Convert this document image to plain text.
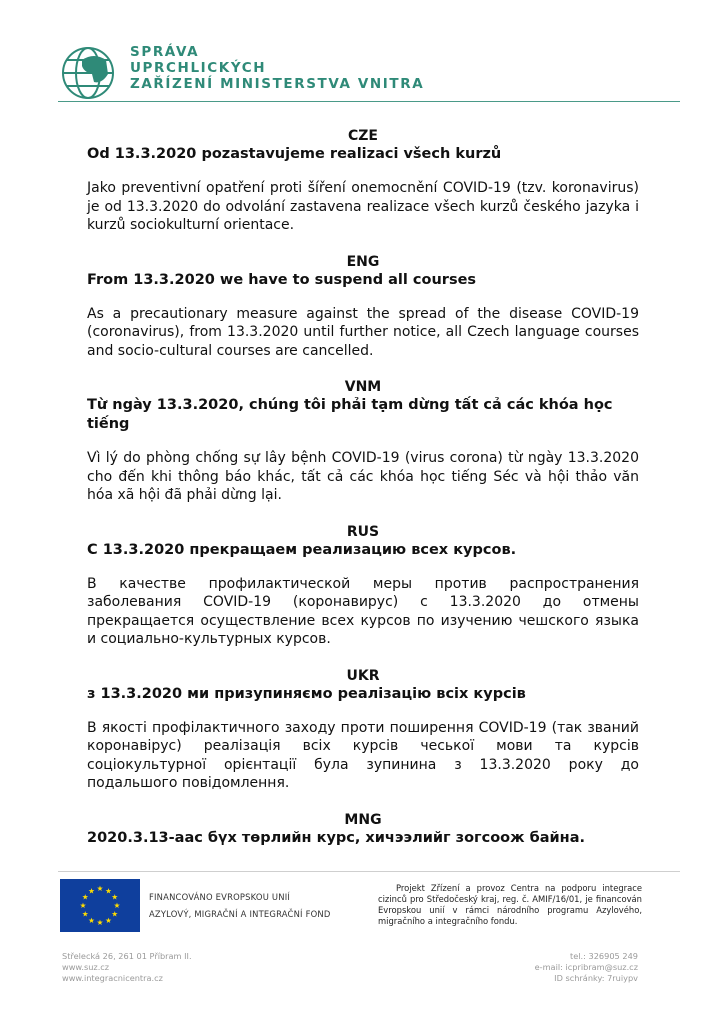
SPRÁVA
UPRCHLICKÝCH
ZAŘÍZENÍ MINISTERSTVA VNITRA
CZE
Od 13.3.2020 pozastavujeme realizaci všech kurzů
Jako preventivní opatření proti šíření onemocnění COVID-19 (tzv. koronavirus) je od 13.3.2020 do odvolání zastavena realizace všech kurzů českého jazyka i kurzů sociokulturní orientace.
ENG
From 13.3.2020 we have to suspend all courses
As a precautionary measure against the spread of the disease COVID-19 (coronavirus), from 13.3.2020 until further notice, all Czech language courses and socio-cultural courses are cancelled.
VNM
Từ ngày 13.3.2020, chúng tôi phải tạm dừng tất cả các khóa học tiếng
Vì lý do phòng chống sự lây bệnh COVID-19 (virus corona) từ ngày 13.3.2020 cho đến khi thông báo khác, tất cả các khóa học tiếng Séc và hội thảo văn hóa xã hội đã phải dừng lại.
RUS
С 13.3.2020 прекращаем реализацию всех курсов.
В качестве профилактической меры против распространения заболевания COVID-19 (коронавирус) с 13.3.2020 до отмены прекращается осуществление всех курсов по изучению чешского языка и социально-культурных курсов.
UKR
з 13.3.2020 ми призупиняємо реалізацію всіх курсів
В якості профілактичного заходу проти поширення COVID-19 (так званий коронавірус) реалізація всіх курсів чеської мови та курсів соціокультурної орієнтації була зупинина з 13.3.2020 року до подальшого повідомлення.
MNG
2020.3.13-аас бүх төрлийн курс, хичээлийг зогсоож байна.
★ ★
★
★
★
★
★
★
★
★
★
★
FINANCOVÁNO EVROPSKOU UNIÍ
AZYLOVÝ, MIGRAČNÍ A INTEGRAČNÍ FOND
Projekt Zřízení a provoz Centra na podporu integrace cizinců pro Středočeský kraj, reg. č. AMIF/16/01, je financován Evropskou unií v rámci národního programu Azylového, migračního a integračního fondu.
Střelecká 26, 261 01 Příbram II.
www.suz.cz
www.integracnicentra.cz
tel.: 326905 249
e-mail: icpribram@suz.cz
ID schránky: 7ruiypv
